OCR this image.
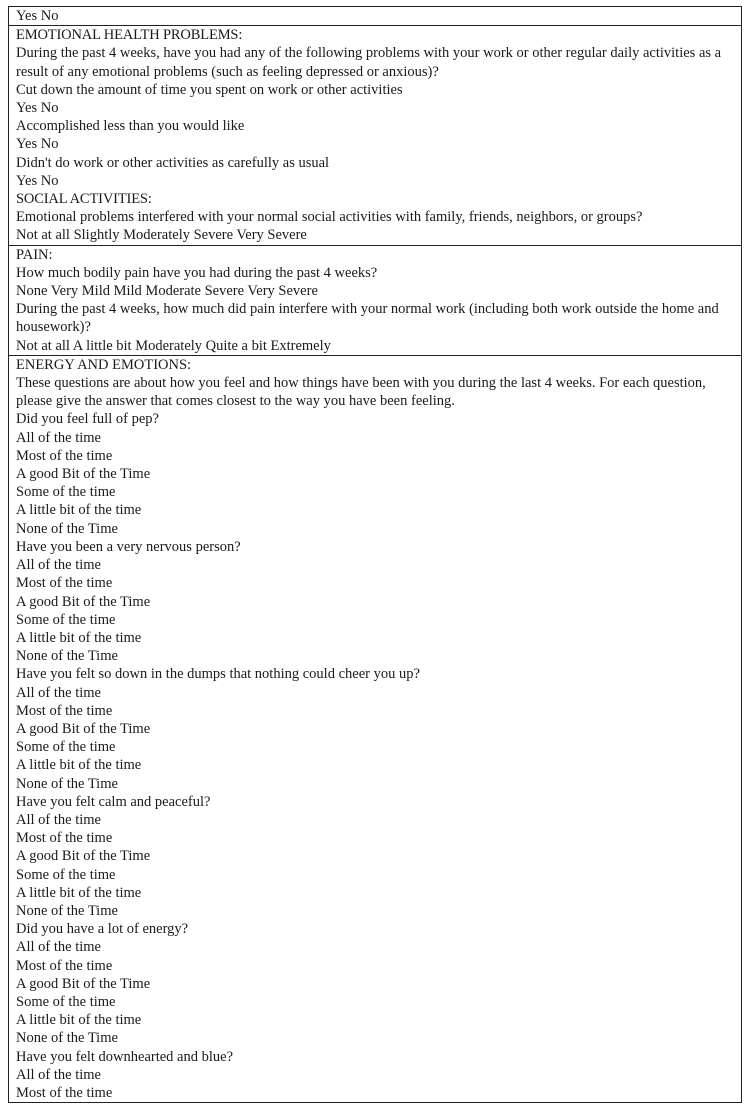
Yes No
EMOTIONAL HEALTH PROBLEMS:
During the past 4 weeks, have you had any of the following problems with your work or other regular daily activities as a result of any emotional problems (such as feeling depressed or anxious)?
Cut down the amount of time you spent on work or other activities
Yes No
Accomplished less than you would like
Yes No
Didn't do work or other activities as carefully as usual
Yes No
SOCIAL ACTIVITIES:
Emotional problems interfered with your normal social activities with family, friends, neighbors, or groups?
Not at all Slightly Moderately Severe Very Severe
PAIN:
How much bodily pain have you had during the past 4 weeks?
None Very Mild Mild Moderate Severe Very Severe
During the past 4 weeks, how much did pain interfere with your normal work (including both work outside the home and housework)?
Not at all A little bit Moderately Quite a bit Extremely
ENERGY AND EMOTIONS:
These questions are about how you feel and how things have been with you during the last 4 weeks. For each question, please give the answer that comes closest to the way you have been feeling.
Did you feel full of pep?
All of the time
Most of the time
A good Bit of the Time
Some of the time
A little bit of the time
None of the Time
Have you been a very nervous person?
All of the time
Most of the time
A good Bit of the Time
Some of the time
A little bit of the time
None of the Time
Have you felt so down in the dumps that nothing could cheer you up?
All of the time
Most of the time
A good Bit of the Time
Some of the time
A little bit of the time
None of the Time
Have you felt calm and peaceful?
All of the time
Most of the time
A good Bit of the Time
Some of the time
A little bit of the time
None of the Time
Did you have a lot of energy?
All of the time
Most of the time
A good Bit of the Time
Some of the time
A little bit of the time
None of the Time
Have you felt downhearted and blue?
All of the time
Most of the time
